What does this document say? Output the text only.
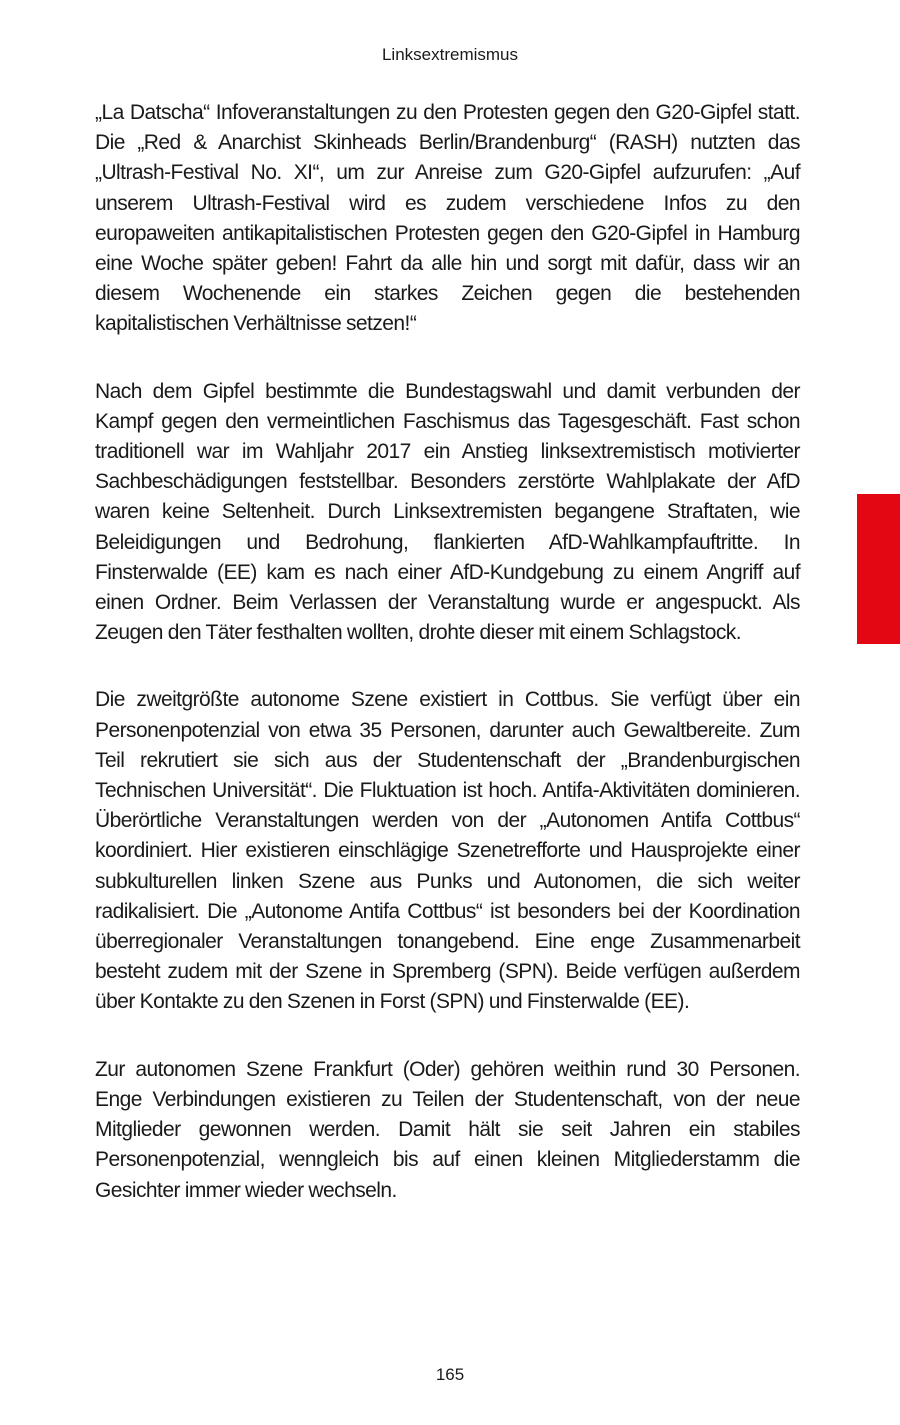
Linksextremismus

„La Datscha“ Infoveranstaltungen zu den Protesten gegen den G20-Gipfel statt. Die „Red & Anarchist Skinheads Berlin/Brandenburg“ (RASH) nutzten das „Ultrash-Festival No. XI“, um zur Anreise zum G20-Gipfel aufzurufen: „Auf unserem Ultrash-Festival wird es zudem verschiedene Infos zu den europaweiten antikapitalistischen Protesten gegen den G20-Gipfel in Hamburg eine Woche später geben! Fahrt da alle hin und sorgt mit dafür, dass wir an diesem Wochenende ein starkes Zeichen gegen die bestehenden kapitalistischen Verhältnisse setzen!“

Nach dem Gipfel bestimmte die Bundestagswahl und damit verbunden der Kampf gegen den vermeintlichen Faschismus das Tagesgeschäft. Fast schon traditionell war im Wahljahr 2017 ein Anstieg linksextremistisch motivierter Sachbeschädigungen feststellbar. Besonders zerstörte Wahlplakate der AfD waren keine Seltenheit. Durch Linksextremisten begangene Straftaten, wie Beleidigungen und Bedrohung, flankierten AfD-Wahlkampfauftritte. In Finsterwalde (EE) kam es nach einer AfD-Kundgebung zu einem Angriff auf einen Ordner. Beim Verlassen der Veranstaltung wurde er angespuckt. Als Zeugen den Täter festhalten wollten, drohte dieser mit einem Schlagstock.

Die zweitgrößte autonome Szene existiert in Cottbus. Sie verfügt über ein Personenpotenzial von etwa 35 Personen, darunter auch Gewaltbereite. Zum Teil rekrutiert sie sich aus der Studentenschaft der „Brandenburgischen Technischen Universität“. Die Fluktuation ist hoch. Antifa-Aktivitäten dominieren. Überörtliche Veranstaltungen werden von der „Autonomen Antifa Cottbus“ koordiniert. Hier existieren einschlägige Szenetrefforte und Hausprojekte einer subkulturellen linken Szene aus Punks und Autonomen, die sich weiter radikalisiert. Die „Autonome Antifa Cottbus“ ist besonders bei der Koordination überregionaler Veranstaltungen tonangebend. Eine enge Zusammenarbeit besteht zudem mit der Szene in Spremberg (SPN). Beide verfügen außerdem über Kontakte zu den Szenen in Forst (SPN) und Finsterwalde (EE).

Zur autonomen Szene Frankfurt (Oder) gehören weithin rund 30 Personen. Enge Verbindungen existieren zu Teilen der Studentenschaft, von der neue Mitglieder gewonnen werden. Damit hält sie seit Jahren ein stabiles Personenpotenzial, wenngleich bis auf einen kleinen Mitgliederstamm die Gesichter immer wieder wechseln.

165
